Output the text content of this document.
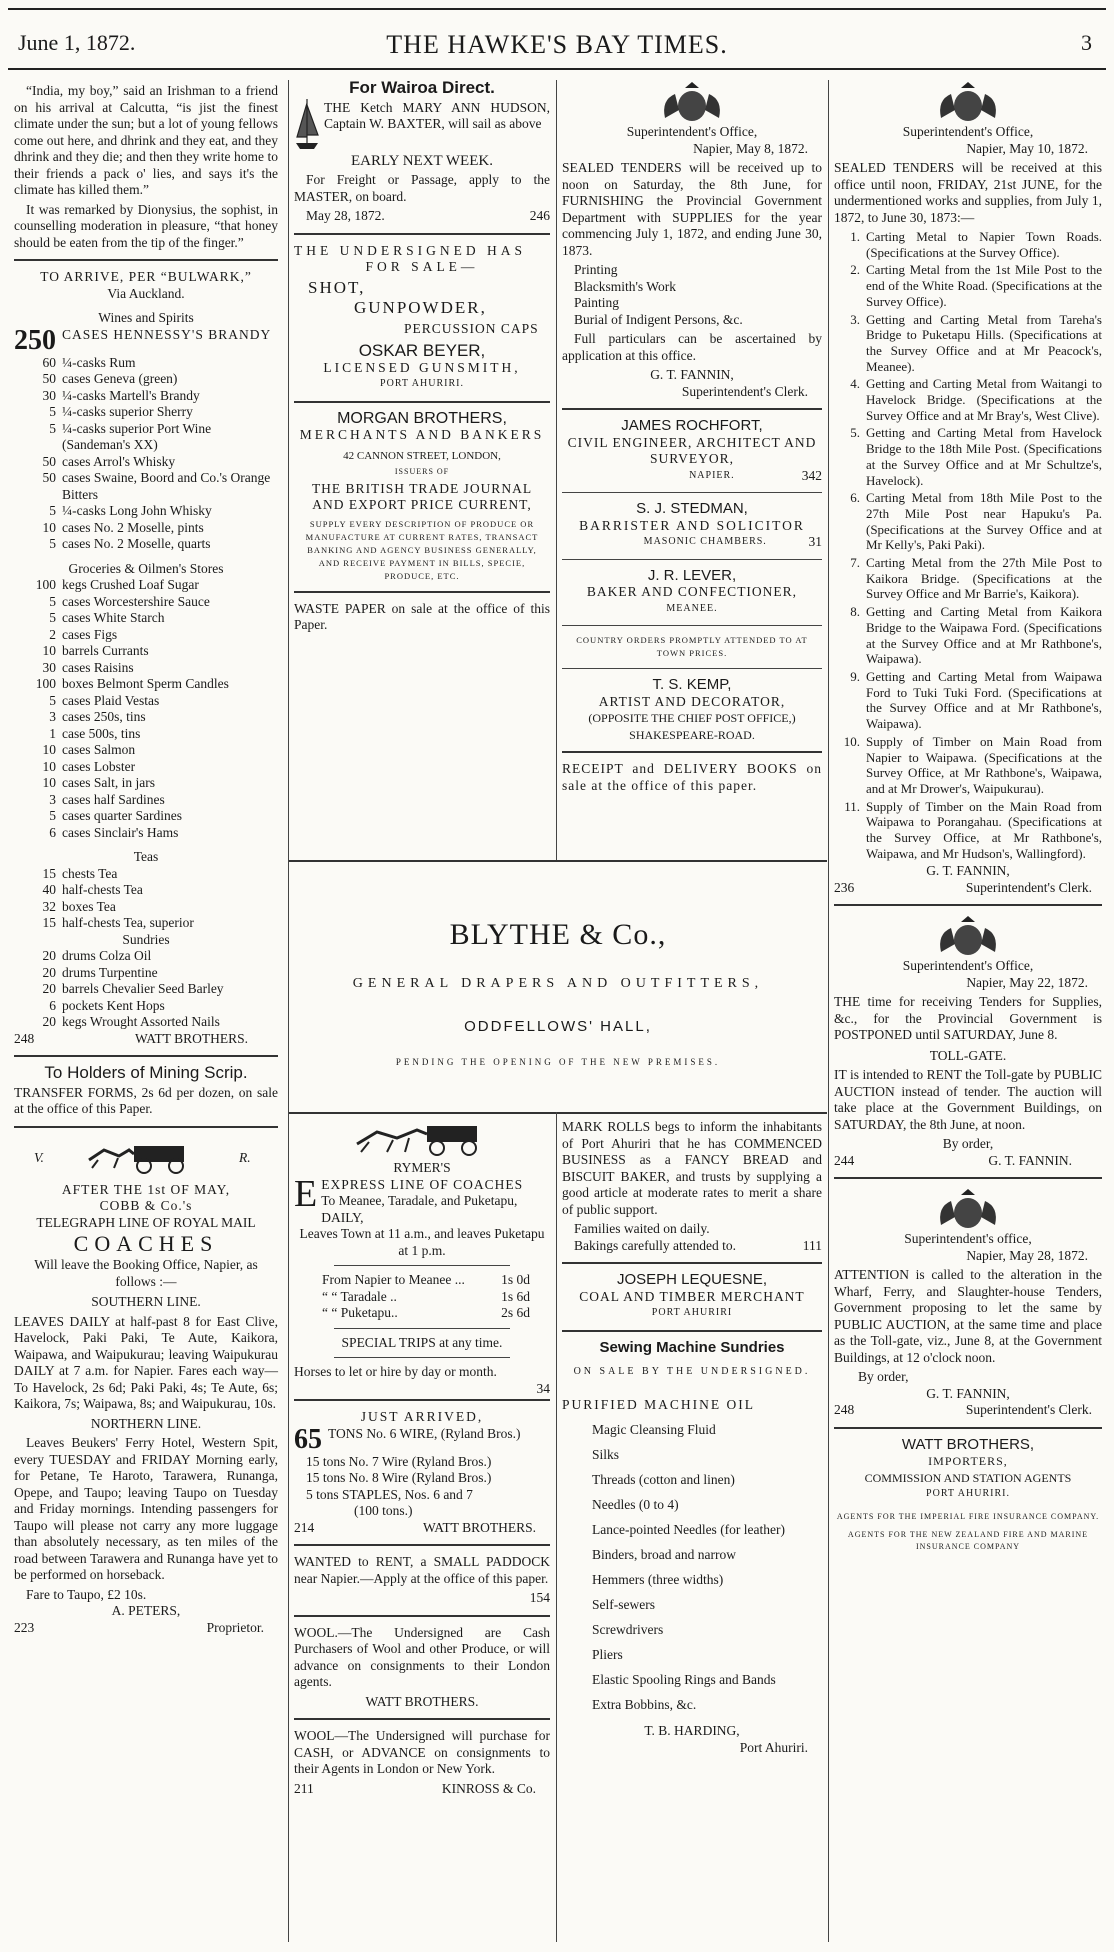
June 1, 1872.	THE HAWKE'S BAY TIMES.	3

“India, my boy,” said an Irishman to a friend on his arrival at Calcutta, “is jist the finest climate under the sun; but a lot of young fellows come out here, and dhrink and they eat, and they dhrink and they die; and then they write home to their friends a pack o' lies, and says it's the climate has killed them.”

It was remarked by Dionysius, the sophist, in counselling moderation in pleasure, “that honey should be eaten from the tip of the finger.”

TO ARRIVE, PER “BULWARK,”
Via Auckland.
Wines and Spirits
250 CASES HENNESSY'S BRANDY
60 ¼-casks Rum
50 cases Geneva (green)
30 ¼-casks Martell's Brandy
5 ¼-casks superior Sherry
5 ¼-casks superior Port Wine (Sandeman's XX)
50 cases Arrol's Whisky
50 cases Swaine, Boord and Co.'s Orange Bitters
5 ¼-casks Long John Whisky
10 cases No. 2 Moselle, pints
5 cases No. 2 Moselle, quarts
Groceries & Oilmen's Stores
100 kegs Crushed Loaf Sugar
5 cases Worcestershire Sauce
5 cases White Starch
2 cases Figs
10 barrels Currants
30 cases Raisins
100 boxes Belmont Sperm Candles
5 cases Plaid Vestas
3 cases 250s, tins
1 case 500s, tins
10 cases Salmon
10 cases Lobster
10 cases Salt, in jars
3 cases half Sardines
5 cases quarter Sardines
6 cases Sinclair's Hams
Teas
15 chests Tea
40 half-chests Tea
32 boxes Tea
15 half-chests Tea, superior
Sundries
20 drums Colza Oil
20 drums Turpentine
20 barrels Chevalier Seed Barley
6 pockets Kent Hops
20 kegs Wrought Assorted Nails
248	WATT BROTHERS.
To Holders of Mining Scrip.

TRANSFER FORMS, 2s 6d per dozen, on sale at the office of this Paper.

V.	R.
AFTER THE 1st OF MAY,
COBB & Co.'s
TELEGRAPH LINE OF ROYAL MAIL
COACHES
Will leave the Booking Office, Napier, as follows :—
SOUTHERN LINE.

LEAVES DAILY at half-past 8 for East Clive, Havelock, Paki Paki, Te Aute, Kaikora, Waipawa, and Waipukurau; leaving Waipukurau DAILY at 7 a.m. for Napier. Fares each way—To Havelock, 2s 6d; Paki Paki, 4s; Te Aute, 6s; Kaikora, 7s; Waipawa, 8s; and Waipukurau, 10s.

NORTHERN LINE.

Leaves Beukers' Ferry Hotel, Western Spit, every TUESDAY and FRIDAY Morning early, for Petane, Te Haroto, Tarawera, Runanga, Opepe, and Taupo; leaving Taupo on Tuesday and Friday mornings. Intending passengers for Taupo will please not carry any more luggage than absolutely necessary, as ten miles of the road between Tarawera and Runanga have yet to be performed on horseback.

Fare to Taupo, £2 10s.
A. PETERS,
223	Proprietor.
For Wairoa Direct.

THE Ketch MARY ANN HUDSON, Captain W. BAXTER, will sail as above

EARLY NEXT WEEK.

For Freight or Passage, apply to the MASTER, on board.

May 28, 1872.	246
THE UNDERSIGNED HAS
FOR SALE—
SHOT,
GUNPOWDER,
PERCUSSION CAPS
OSKAR BEYER,
LICENSED GUNSMITH,
PORT AHURIRI.
MORGAN BROTHERS,
MERCHANTS AND BANKERS
42 CANNON STREET, LONDON,
ISSUERS OF
THE BRITISH TRADE JOURNAL
AND EXPORT PRICE CURRENT,
SUPPLY EVERY DESCRIPTION OF PRODUCE OR MANUFACTURE AT CURRENT RATES, TRANSACT BANKING AND AGENCY BUSINESS GENERALLY,
AND RECEIVE PAYMENT IN BILLS, SPECIE, PRODUCE, ETC.

WASTE PAPER on sale at the office of this Paper.

Superintendent's Office,
Napier, May 8, 1872.

SEALED TENDERS will be received up to noon on Saturday, the 8th June, for FURNISHING the Provincial Government Department with SUPPLIES for the year commencing July 1, 1872, and ending June 30, 1873.

Printing
Blacksmith's Work
Painting
Burial of Indigent Persons, &c.

Full particulars can be ascertained by application at this office.

G. T. FANNIN,
Superintendent's Clerk.
JAMES ROCHFORT,
CIVIL ENGINEER, ARCHITECT AND SURVEYOR,
NAPIER.	342
S. J. STEDMAN,
BARRISTER AND SOLICITOR
MASONIC CHAMBERS.	31
J. R. LEVER,
BAKER AND CONFECTIONER,
MEANEE.
COUNTRY ORDERS PROMPTLY ATTENDED TO AT TOWN PRICES.
T. S. KEMP,
ARTIST AND DECORATOR,
(OPPOSITE THE CHIEF POST OFFICE,)
SHAKESPEARE-ROAD.

RECEIPT and DELIVERY BOOKS on sale at the office of this paper.

BLYTHE & Co.,
GENERAL DRAPERS AND OUTFITTERS,
ODDFELLOWS' HALL,
PENDING THE OPENING OF THE NEW PREMISES.
RYMER'S
E EXPRESS LINE OF COACHES
To Meanee, Taradale, and Puketapu, DAILY,
Leaves Town at 11 a.m., and leaves Puketapu at 1 p.m.
From Napier to Meanee ...	1s 0d
“ “ Taradale ..	1s 6d
“ “ Puketapu..	2s 6d
SPECIAL TRIPS at any time.
Horses to let or hire by day or month.
34
JUST ARRIVED,
65 TONS No. 6 WIRE, (Ryland Bros.)
15 tons No. 7 Wire (Ryland Bros.)
15 tons No. 8 Wire (Ryland Bros.)
5 tons STAPLES, Nos. 6 and 7
(100 tons.)
214	WATT BROTHERS.

WANTED to RENT, a SMALL PADDOCK near Napier.—Apply at the office of this paper.

154

WOOL.—The Undersigned are Cash Purchasers of Wool and other Produce, or will advance on consignments to their London agents.

WATT BROTHERS.

WOOL—The Undersigned will purchase for CASH, or ADVANCE on consignments to their Agents in London or New York.

211	KINROSS & Co.

MARK ROLLS begs to inform the inhabitants of Port Ahuriri that he has COMMENCED BUSINESS as a FANCY BREAD and BISCUIT BAKER, and trusts by supplying a good article at moderate rates to merit a share of public support.

Families waited on daily.
Bakings carefully attended to.	111
JOSEPH LEQUESNE,
COAL AND TIMBER MERCHANT
PORT AHURIRI
Sewing Machine Sundries
ON SALE BY THE UNDERSIGNED.
PURIFIED MACHINE OIL
Magic Cleansing Fluid
Silks
Threads (cotton and linen)
Needles (0 to 4)
Lance-pointed Needles (for leather)
Binders, broad and narrow
Hemmers (three widths)
Self-sewers
Screwdrivers
Pliers
Elastic Spooling Rings and Bands
Extra Bobbins, &c.
T. B. HARDING,
Port Ahuriri.
Superintendent's Office,
Napier, May 10, 1872.

SEALED TENDERS will be received at this office until noon, FRIDAY, 21st JUNE, for the undermentioned works and supplies, from July 1, 1872, to June 30, 1873:—

1. Carting Metal to Napier Town Roads. (Specifications at the Survey Office).
2. Carting Metal from the 1st Mile Post to the end of the White Road. (Specifications at the Survey Office).
3. Getting and Carting Metal from Tareha's Bridge to Puketapu Hills. (Specifications at the Survey Office and at Mr Peacock's, Meanee).
4. Getting and Carting Metal from Waitangi to Havelock Bridge. (Specifications at the Survey Office and at Mr Bray's, West Clive).
5. Getting and Carting Metal from Havelock Bridge to the 18th Mile Post. (Specifications at the Survey Office and at Mr Schultze's, Havelock).
6. Carting Metal from 18th Mile Post to the 27th Mile Post near Hapuku's Pa. (Specifications at the Survey Office and at Mr Kelly's, Paki Paki).
7. Carting Metal from the 27th Mile Post to Kaikora Bridge. (Specifications at the Survey Office and Mr Barrie's, Kaikora).
8. Getting and Carting Metal from Kaikora Bridge to the Waipawa Ford. (Specifications at the Survey Office and at Mr Rathbone's, Waipawa).
9. Getting and Carting Metal from Waipawa Ford to Tuki Tuki Ford. (Specifications at the Survey Office and at Mr Rathbone's, Waipawa).
10. Supply of Timber on Main Road from Napier to Waipawa. (Specifications at the Survey Office, at Mr Rathbone's, Waipawa, and at Mr Drower's, Waipukurau).
11. Supply of Timber on the Main Road from Waipawa to Porangahau. (Specifications at the Survey Office, at Mr Rathbone's, Waipawa, and Mr Hudson's, Wallingford).
G. T. FANNIN,
236	Superintendent's Clerk.
Superintendent's Office,
Napier, May 22, 1872.

THE time for receiving Tenders for Supplies, &c., for the Provincial Government is POSTPONED until SATURDAY, June 8.

TOLL-GATE.

IT is intended to RENT the Toll-gate by PUBLIC AUCTION instead of tender. The auction will take place at the Government Buildings, on SATURDAY, the 8th June, at noon.

By order,
244	G. T. FANNIN.
Superintendent's office,
Napier, May 28, 1872.

ATTENTION is called to the alteration in the Wharf, Ferry, and Slaughter-house Tenders, Government proposing to let the same by PUBLIC AUCTION, at the same time and place as the Toll-gate, viz., June 8, at the Government Buildings, at 12 o'clock noon.

By order,
G. T. FANNIN,
248	Superintendent's Clerk.
WATT BROTHERS,
IMPORTERS,
COMMISSION AND STATION AGENTS
PORT AHURIRI.
AGENTS FOR THE IMPERIAL FIRE INSURANCE COMPANY.
AGENTS FOR THE NEW ZEALAND FIRE AND MARINE INSURANCE COMPANY
